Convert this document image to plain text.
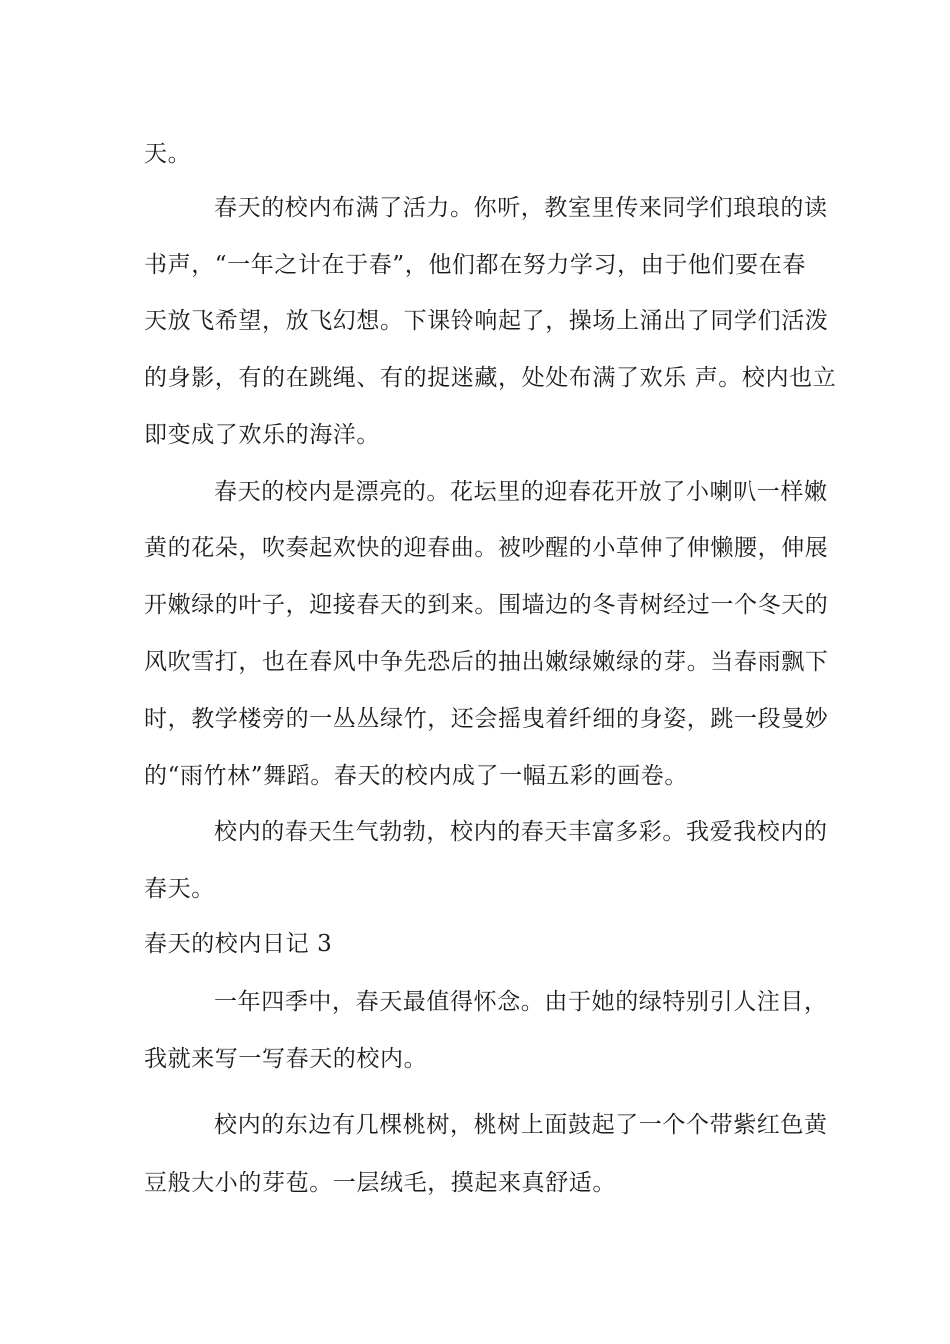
天。
春天的校内布满了活力。你听，教室里传来同学们琅琅的读
书声，“一年之计在于春”，他们都在努力学习，由于他们要在春
天放飞希望，放飞幻想。下课铃响起了，操场上涌出了同学们活泼
的身影，有的在跳绳、有的捉迷藏，处处布满了欢乐 声。校内也立
即变成了欢乐的海洋。
春天的校内是漂亮的。花坛里的迎春花开放了小喇叭一样嫩
黄的花朵，吹奏起欢快的迎春曲。被吵醒的小草伸了伸懒腰，伸展
开嫩绿的叶子，迎接春天的到来。围墙边的冬青树经过一个冬天的
风吹雪打，也在春风中争先恐后的抽出嫩绿嫩绿的芽。当春雨飘下
时，教学楼旁的一丛丛绿竹，还会摇曳着纤细的身姿，跳一段曼妙
的“雨竹林”舞蹈。春天的校内成了一幅五彩的画卷。
校内的春天生气勃勃，校内的春天丰富多彩。我爱我校内的
春天。
春天的校内日记 3
一年四季中，春天最值得怀念。由于她的绿特别引人注目，
我就来写一写春天的校内。
校内的东边有几棵桃树，桃树上面鼓起了一个个带紫红色黄
豆般大小的芽苞。一层绒毛，摸起来真舒适。
